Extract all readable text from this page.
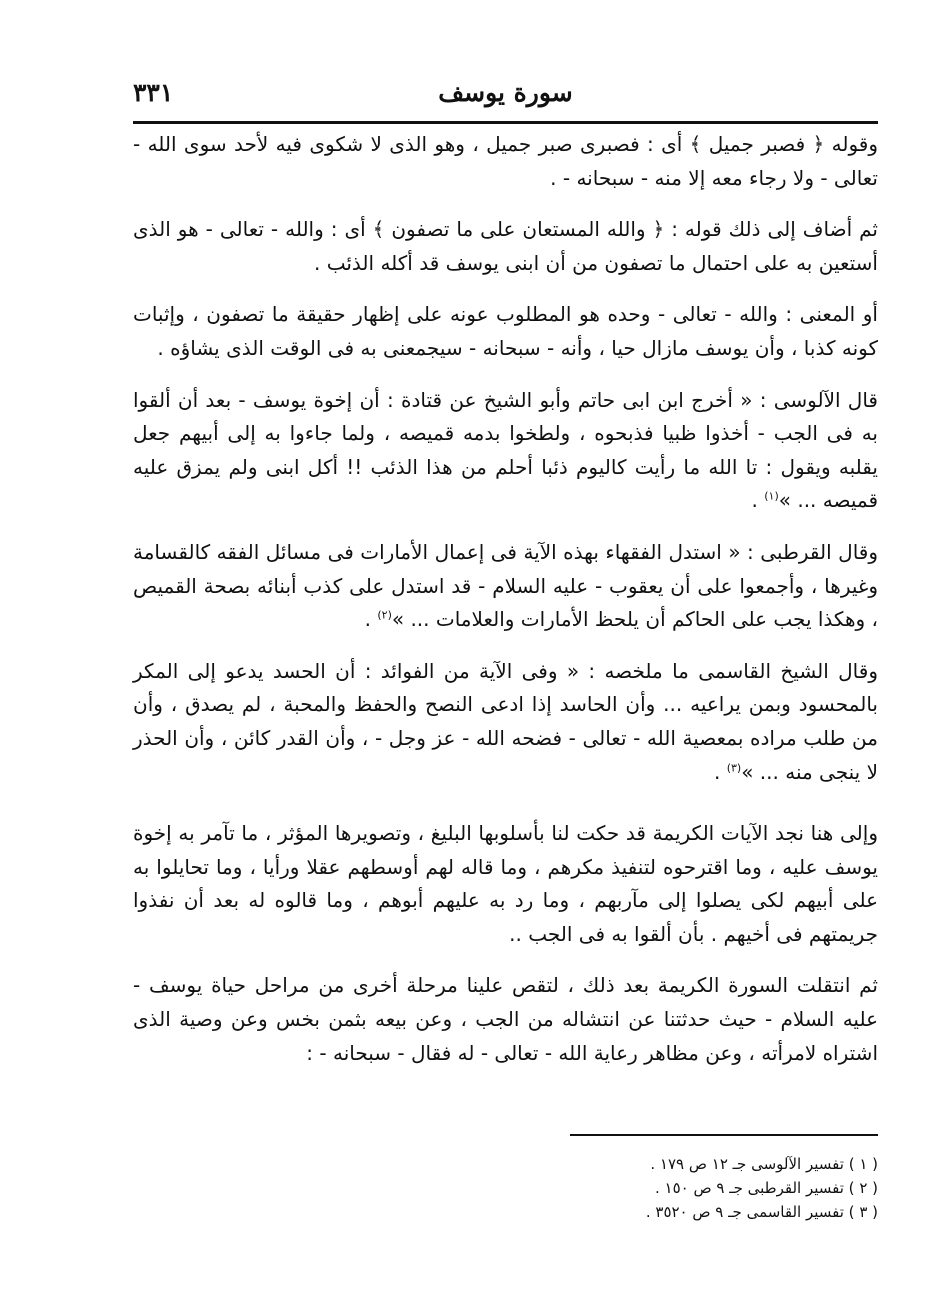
سورة يوسف
٣٣١

وقوله ﴿ فصبر جميل ﴾ أى : فصبرى صبر جميل ، وهو الذى لا شكوى فيه لأحد سوى الله - تعالى - ولا رجاء معه إلا منه - سبحانه - .

ثم أضاف إلى ذلك قوله : ﴿ والله المستعان على ما تصفون ﴾ أى : والله - تعالى - هو الذى أستعين به على احتمال ما تصفون من أن ابنى يوسف قد أكله الذئب .

أو المعنى : والله - تعالى - وحده هو المطلوب عونه على إظهار حقيقة ما تصفون ، وإثبات كونه كذبا ، وأن يوسف مازال حيا ، وأنه - سبحانه - سيجمعنى به فى الوقت الذى يشاؤه .

قال الآلوسى : « أخرج ابن ابى حاتم وأبو الشيخ عن قتادة : أن إخوة يوسف - بعد أن ألقوا به فى الجب - أخذوا ظبيا فذبحوه ، ولطخوا بدمه قميصه ، ولما جاءوا به إلى أبيهم جعل يقلبه ويقول : تا الله ما رأيت كاليوم ذئبا أحلم من هذا الذئب !! أكل ابنى ولم يمزق عليه قميصه ... »$^{(١)}$ .

وقال القرطبى : « استدل الفقهاء بهذه الآية فى إعمال الأمارات فى مسائل الفقه كالقسامة وغيرها ، وأجمعوا على أن يعقوب - عليه السلام - قد استدل على كذب أبنائه بصحة القميص ، وهكذا يجب على الحاكم أن يلحظ الأمارات والعلامات ... »$^{(٢)}$ .

وقال الشيخ القاسمى ما ملخصه : « وفى الآية من الفوائد : أن الحسد يدعو إلى المكر بالمحسود وبمن يراعيه ... وأن الحاسد إذا ادعى النصح والحفظ والمحبة ، لم يصدق ، وأن من طلب مراده بمعصية الله - تعالى - فضحه الله - عز وجل - ، وأن القدر كائن ، وأن الحذر لا ينجى منه ... »$^{(٣)}$ .

وإلى هنا نجد الآيات الكريمة قد حكت لنا بأسلوبها البليغ ، وتصويرها المؤثر ، ما تآمر به إخوة يوسف عليه ، وما اقترحوه لتنفيذ مكرهم ، وما قاله لهم أوسطهم عقلا ورأيا ، وما تحايلوا به على أبيهم لكى يصلوا إلى مآربهم ، وما رد به عليهم أبوهم ، وما قالوه له بعد أن نفذوا جريمتهم فى أخيهم . بأن ألقوا به فى الجب ..

ثم انتقلت السورة الكريمة بعد ذلك ، لتقص علينا مرحلة أخرى من مراحل حياة يوسف - عليه السلام - حيث حدثتنا عن انتشاله من الجب ، وعن بيعه بثمن بخس وعن وصية الذى اشتراه لامرأته ، وعن مظاهر رعاية الله - تعالى - له فقال - سبحانه - :

( ١ ) تفسير الآلوسى جـ ١٢ ص ١٧٩ .
( ٢ ) تفسير القرطبى جـ ٩ ص ١٥٠ .
( ٣ ) تفسير القاسمى جـ ٩ ص ٣٥٢٠ .
